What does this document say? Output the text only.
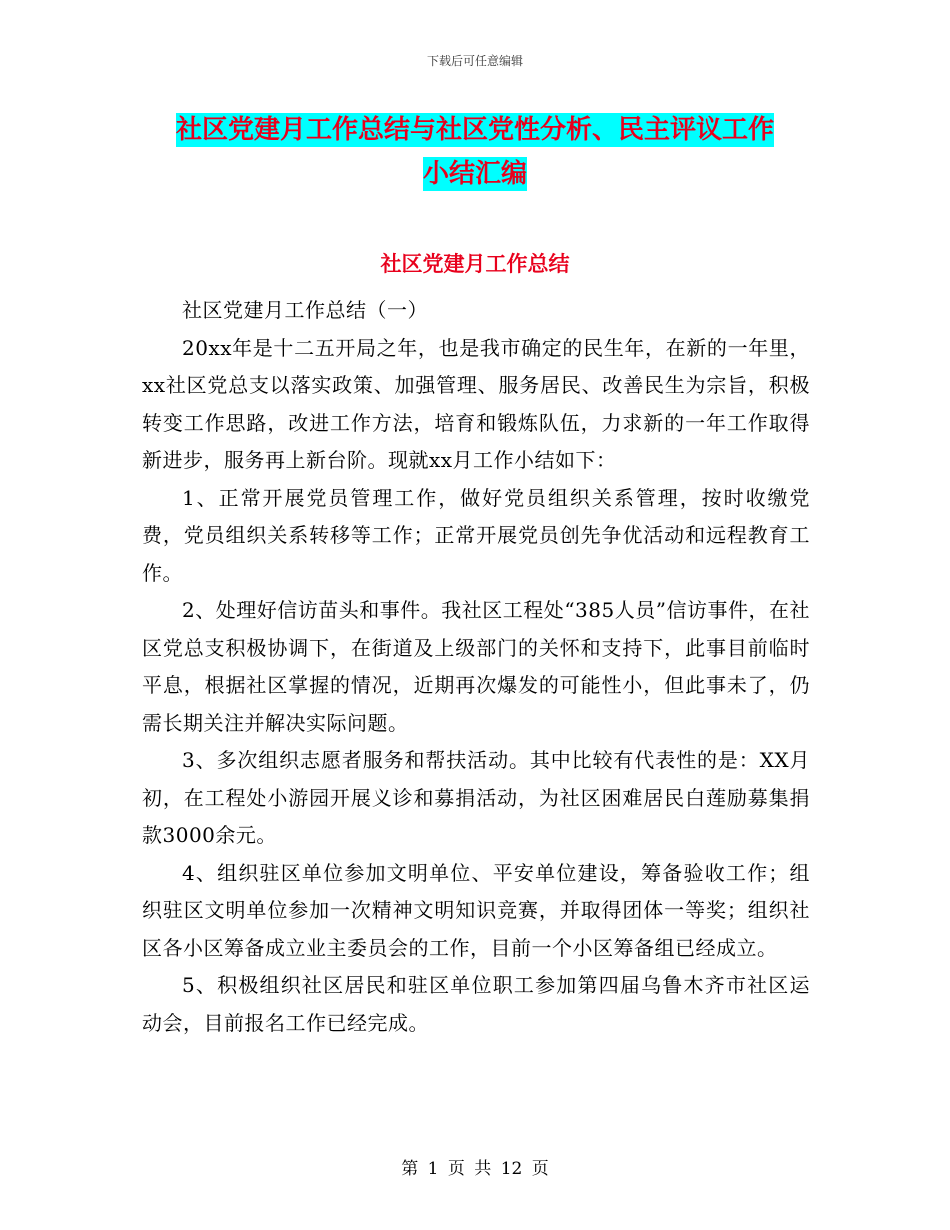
下载后可任意编辑
社区党建月工作总结与社区党性分析、民主评议工作
小结汇编
社区党建月工作总结

社区党建月工作总结（一）

20xx年是十二五开局之年，也是我市确定的民生年，在新的一年里，xx社区党总支以落实政策、加强管理、服务居民、改善民生为宗旨，积极转变工作思路，改进工作方法，培育和锻炼队伍，力求新的一年工作取得新进步，服务再上新台阶。现就xx月工作小结如下：

1、正常开展党员管理工作，做好党员组织关系管理，按时收缴党费，党员组织关系转移等工作；正常开展党员创先争优活动和远程教育工作。

2、处理好信访苗头和事件。我社区工程处“385人员”信访事件，在社区党总支积极协调下，在街道及上级部门的关怀和支持下，此事目前临时平息，根据社区掌握的情况，近期再次爆发的可能性小，但此事未了，仍需长期关注并解决实际问题。

3、多次组织志愿者服务和帮扶活动。其中比较有代表性的是：XX月初，在工程处小游园开展义诊和募捐活动，为社区困难居民白莲励募集捐款3000余元。

4、组织驻区单位参加文明单位、平安单位建设，筹备验收工作；组织驻区文明单位参加一次精神文明知识竞赛，并取得团体一等奖；组织社区各小区筹备成立业主委员会的工作，目前一个小区筹备组已经成立。

5、积极组织社区居民和驻区单位职工参加第四届乌鲁木齐市社区运动会，目前报名工作已经完成。

第 1 页 共 12 页
